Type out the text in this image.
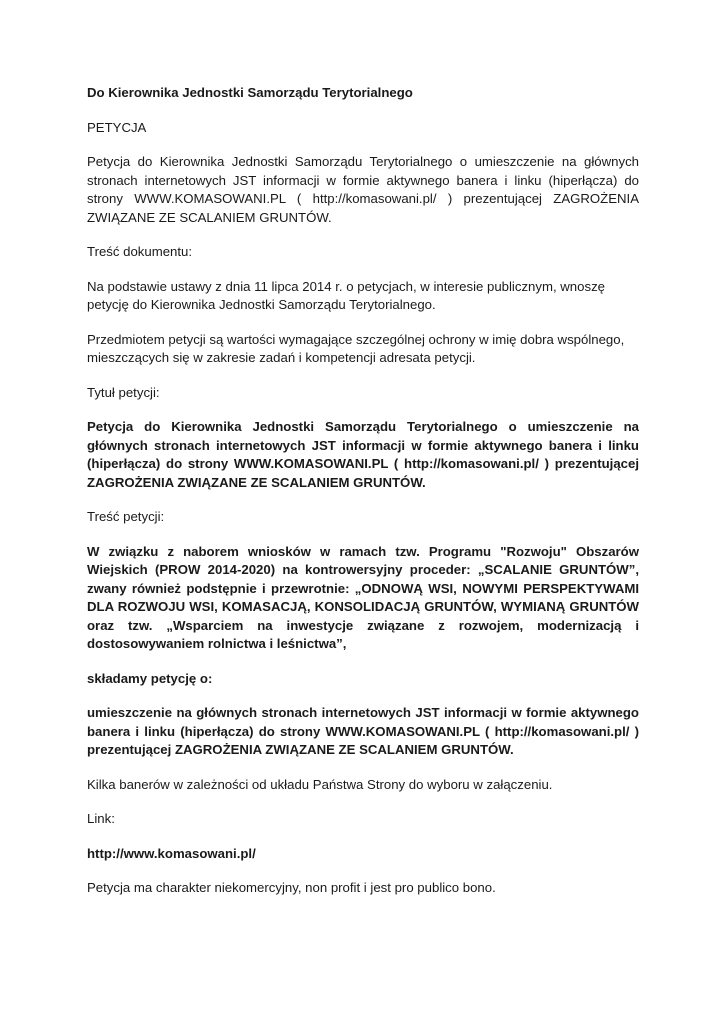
Do Kierownika Jednostki Samorządu Terytorialnego

PETYCJA

Petycja do Kierownika Jednostki Samorządu Terytorialnego o umieszczenie na głównych stronach internetowych JST informacji w formie aktywnego banera i linku (hiperłącza) do strony WWW.KOMASOWANI.PL ( http://komasowani.pl/ ) prezentującej ZAGROŻENIA ZWIĄZANE ZE SCALANIEM GRUNTÓW.

Treść dokumentu:

Na podstawie ustawy z dnia 11 lipca 2014 r. o petycjach, w interesie publicznym, wnoszę petycję do Kierownika Jednostki Samorządu Terytorialnego.

Przedmiotem petycji są wartości wymagające szczególnej ochrony w imię dobra wspólnego, mieszczących się w zakresie zadań i kompetencji adresata petycji.

Tytuł petycji:

Petycja do Kierownika Jednostki Samorządu Terytorialnego o umieszczenie na głównych stronach internetowych JST informacji w formie aktywnego banera i linku (hiperłącza) do strony WWW.KOMASOWANI.PL ( http://komasowani.pl/ ) prezentującej ZAGROŻENIA ZWIĄZANE ZE SCALANIEM GRUNTÓW.

Treść petycji:

W związku z naborem wniosków w ramach tzw. Programu "Rozwoju" Obszarów Wiejskich (PROW 2014-2020) na kontrowersyjny proceder: „SCALANIE GRUNTÓW”, zwany również podstępnie i przewrotnie: „ODNOWĄ WSI, NOWYMI PERSPEKTYWAMI DLA ROZWOJU WSI, KOMASACJĄ, KONSOLIDACJĄ GRUNTÓW, WYMIANĄ GRUNTÓW oraz tzw. „Wsparciem na inwestycje związane z rozwojem, modernizacją i dostosowywaniem rolnictwa i leśnictwa”,

składamy petycję o:

umieszczenie na głównych stronach internetowych JST informacji w formie aktywnego banera i linku (hiperłącza) do strony WWW.KOMASOWANI.PL ( http://komasowani.pl/ ) prezentującej ZAGROŻENIA ZWIĄZANE ZE SCALANIEM GRUNTÓW.

Kilka banerów w zależności od układu Państwa Strony do wyboru w załączeniu.

Link:

http://www.komasowani.pl/

Petycja ma charakter niekomercyjny, non profit i jest pro publico bono.
